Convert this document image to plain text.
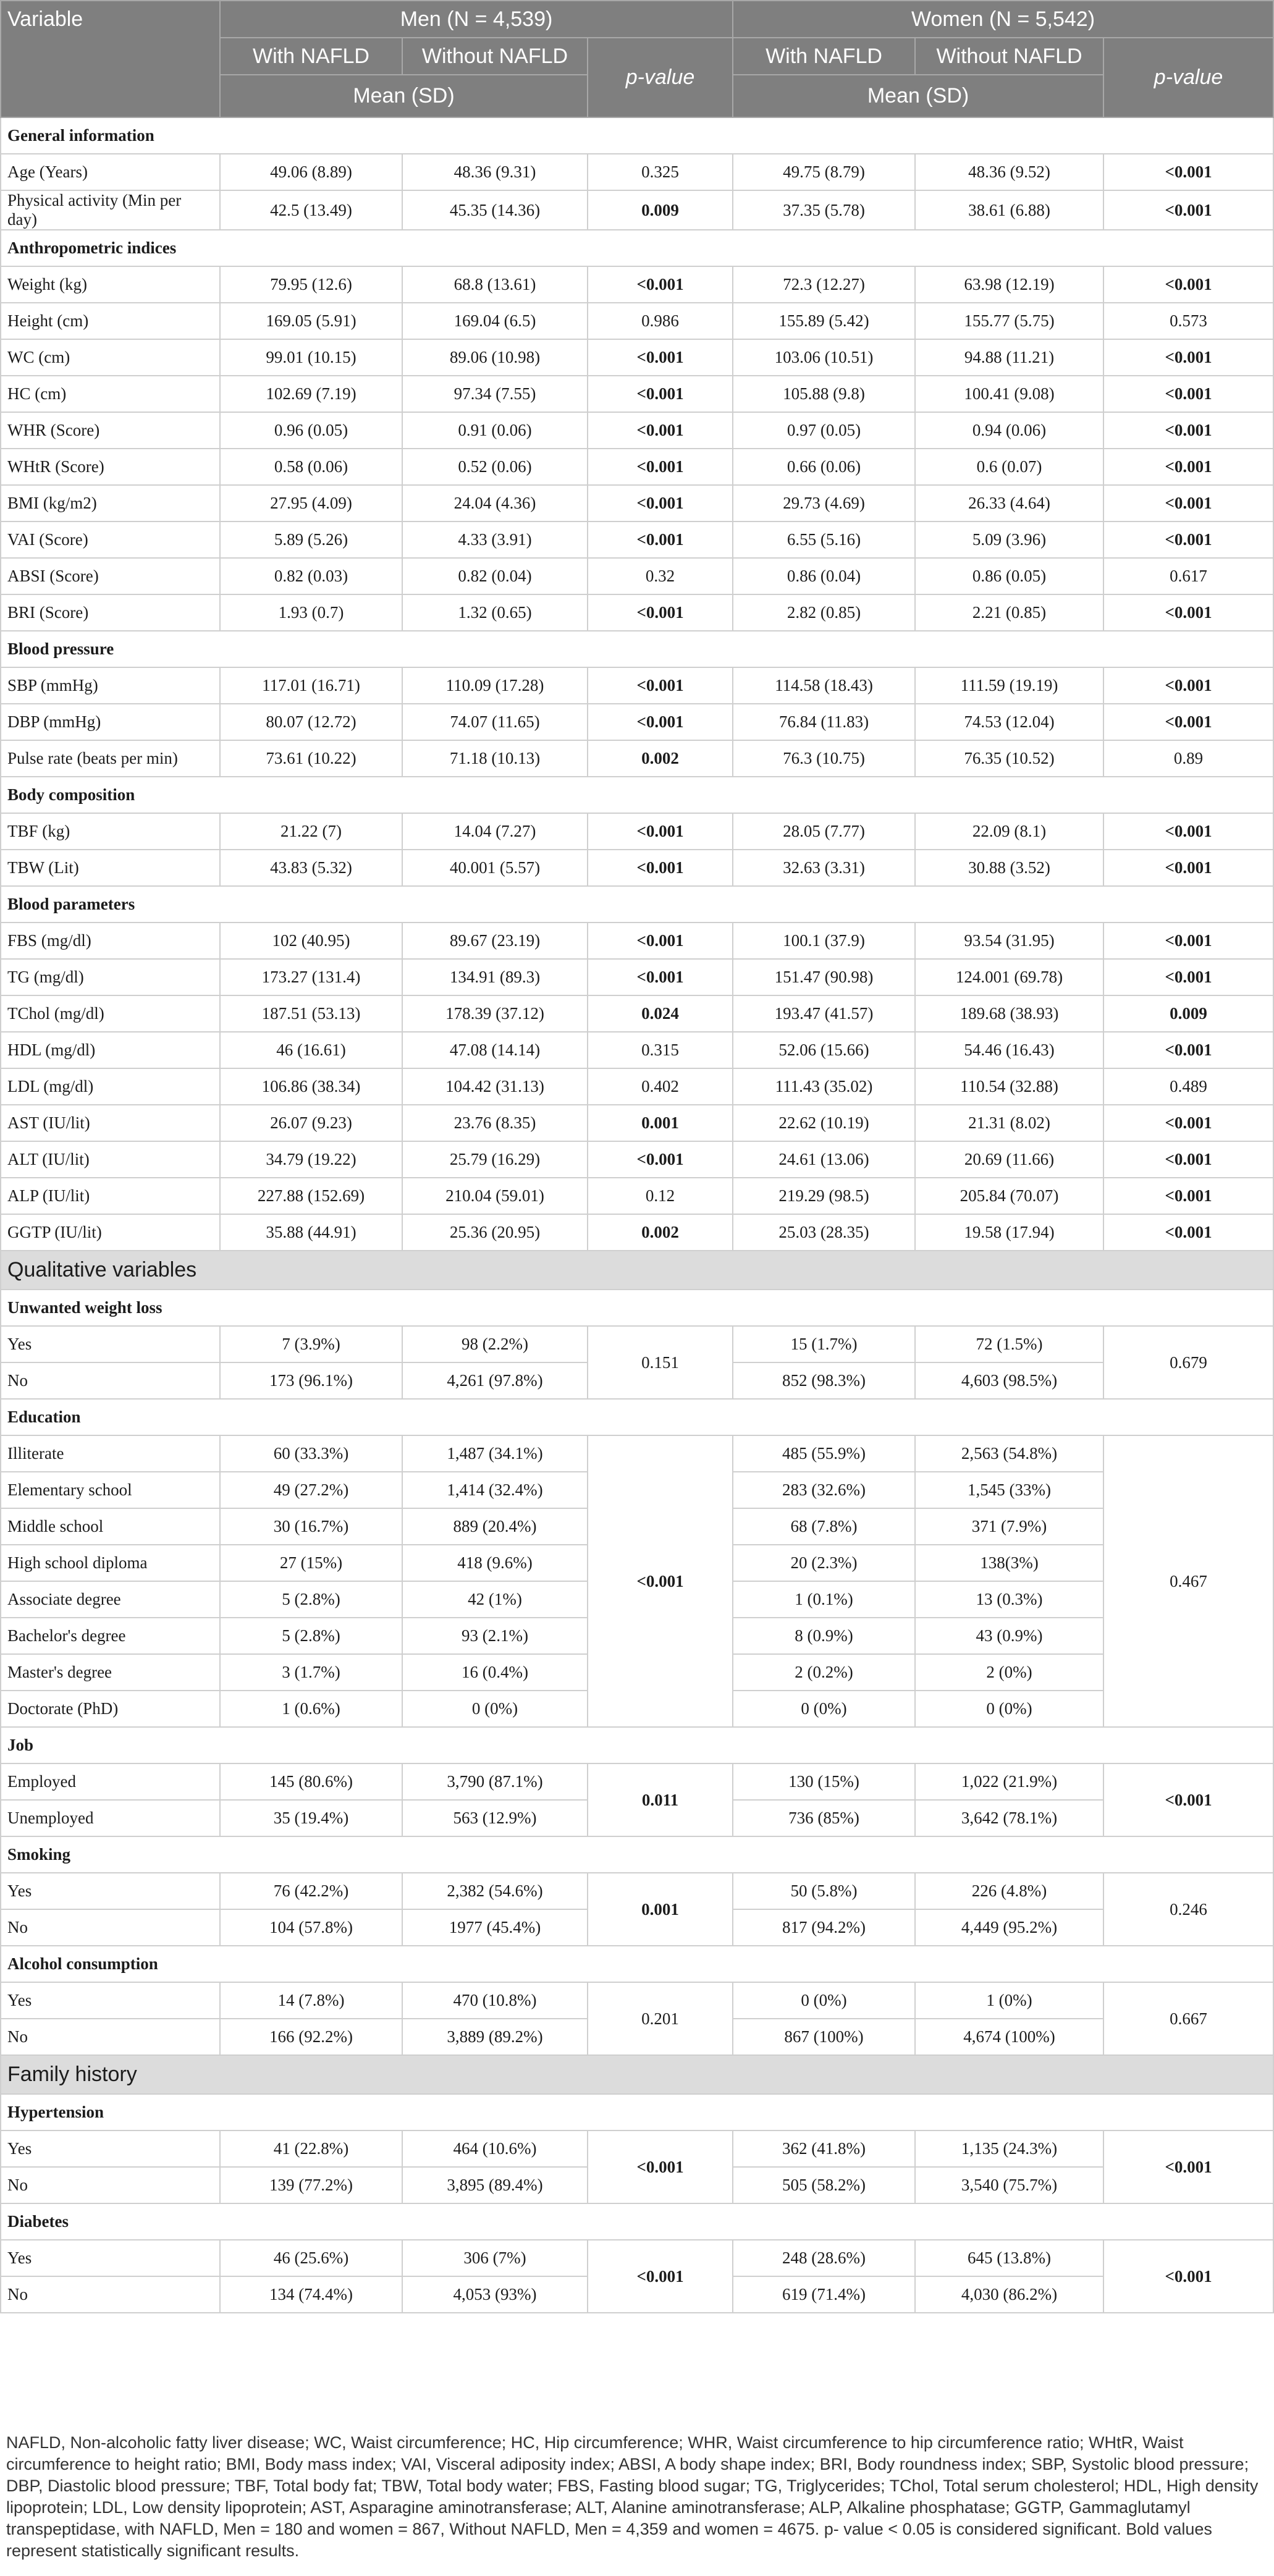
Variable	Men (N = 4,539)			Women (N = 5,542)		
	With NAFLD	Without NAFLD	p-value	With NAFLD	Without NAFLD	p-value
	Mean (SD)			Mean (SD)		
General information						
Age (Years)	49.06 (8.89)	48.36 (9.31)	0.325	49.75 (8.79)	48.36 (9.52)	<0.001
Physical activity (Min per day)	42.5 (13.49)	45.35 (14.36)	0.009	37.35 (5.78)	38.61 (6.88)	<0.001
Anthropometric indices						
Weight (kg)	79.95 (12.6)	68.8 (13.61)	<0.001	72.3 (12.27)	63.98 (12.19)	<0.001
Height (cm)	169.05 (5.91)	169.04 (6.5)	0.986	155.89 (5.42)	155.77 (5.75)	0.573
WC (cm)	99.01 (10.15)	89.06 (10.98)	<0.001	103.06 (10.51)	94.88 (11.21)	<0.001
HC (cm)	102.69 (7.19)	97.34 (7.55)	<0.001	105.88 (9.8)	100.41 (9.08)	<0.001
WHR (Score)	0.96 (0.05)	0.91 (0.06)	<0.001	0.97 (0.05)	0.94 (0.06)	<0.001
WHtR (Score)	0.58 (0.06)	0.52 (0.06)	<0.001	0.66 (0.06)	0.6 (0.07)	<0.001
BMI (kg/m2)	27.95 (4.09)	24.04 (4.36)	<0.001	29.73 (4.69)	26.33 (4.64)	<0.001
VAI (Score)	5.89 (5.26)	4.33 (3.91)	<0.001	6.55 (5.16)	5.09 (3.96)	<0.001
ABSI (Score)	0.82 (0.03)	0.82 (0.04)	0.32	0.86 (0.04)	0.86 (0.05)	0.617
BRI (Score)	1.93 (0.7)	1.32 (0.65)	<0.001	2.82 (0.85)	2.21 (0.85)	<0.001
Blood pressure						
SBP (mmHg)	117.01 (16.71)	110.09 (17.28)	<0.001	114.58 (18.43)	111.59 (19.19)	<0.001
DBP (mmHg)	80.07 (12.72)	74.07 (11.65)	<0.001	76.84 (11.83)	74.53 (12.04)	<0.001
Pulse rate (beats per min)	73.61 (10.22)	71.18 (10.13)	0.002	76.3 (10.75)	76.35 (10.52)	0.89
Body composition						
TBF (kg)	21.22 (7)	14.04 (7.27)	<0.001	28.05 (7.77)	22.09 (8.1)	<0.001
TBW (Lit)	43.83 (5.32)	40.001 (5.57)	<0.001	32.63 (3.31)	30.88 (3.52)	<0.001
Blood parameters						
FBS (mg/dl)	102 (40.95)	89.67 (23.19)	<0.001	100.1 (37.9)	93.54 (31.95)	<0.001
TG (mg/dl)	173.27 (131.4)	134.91 (89.3)	<0.001	151.47 (90.98)	124.001 (69.78)	<0.001
TChol (mg/dl)	187.51 (53.13)	178.39 (37.12)	0.024	193.47 (41.57)	189.68 (38.93)	0.009
HDL (mg/dl)	46 (16.61)	47.08 (14.14)	0.315	52.06 (15.66)	54.46 (16.43)	<0.001
LDL (mg/dl)	106.86 (38.34)	104.42 (31.13)	0.402	111.43 (35.02)	110.54 (32.88)	0.489
AST (IU/lit)	26.07 (9.23)	23.76 (8.35)	0.001	22.62 (10.19)	21.31 (8.02)	<0.001
ALT (IU/lit)	34.79 (19.22)	25.79 (16.29)	<0.001	24.61 (13.06)	20.69 (11.66)	<0.001
ALP (IU/lit)	227.88 (152.69)	210.04 (59.01)	0.12	219.29 (98.5)	205.84 (70.07)	<0.001
GGTP (IU/lit)	35.88 (44.91)	25.36 (20.95)	0.002	25.03 (28.35)	19.58 (17.94)	<0.001
Qualitative variables						
Unwanted weight loss						
Yes	7 (3.9%)	98 (2.2%)	0.151	15 (1.7%)	72 (1.5%)	0.679
No	173 (96.1%)	4,261 (97.8%)		852 (98.3%)	4,603 (98.5%)	
Education						
Illiterate	60 (33.3%)	1,487 (34.1%)	<0.001	485 (55.9%)	2,563 (54.8%)	0.467
Elementary school	49 (27.2%)	1,414 (32.4%)		283 (32.6%)	1,545 (33%)	
Middle school	30 (16.7%)	889 (20.4%)		68 (7.8%)	371 (7.9%)	
High school diploma	27 (15%)	418 (9.6%)		20 (2.3%)	138(3%)	
Associate degree	5 (2.8%)	42 (1%)		1 (0.1%)	13 (0.3%)	
Bachelor's degree	5 (2.8%)	93 (2.1%)		8 (0.9%)	43 (0.9%)	
Master's degree	3 (1.7%)	16 (0.4%)		2 (0.2%)	2 (0%)	
Doctorate (PhD)	1 (0.6%)	0 (0%)		0 (0%)	0 (0%)	
Job						
Employed	145 (80.6%)	3,790 (87.1%)	0.011	130 (15%)	1,022 (21.9%)	<0.001
Unemployed	35 (19.4%)	563 (12.9%)		736 (85%)	3,642 (78.1%)	
Smoking						
Yes	76 (42.2%)	2,382 (54.6%)	0.001	50 (5.8%)	226 (4.8%)	0.246
No	104 (57.8%)	1977 (45.4%)		817 (94.2%)	4,449 (95.2%)	
Alcohol consumption						
Yes	14 (7.8%)	470 (10.8%)	0.201	0 (0%)	1 (0%)	0.667
No	166 (92.2%)	3,889 (89.2%)		867 (100%)	4,674 (100%)	
Family history						
Hypertension						
Yes	41 (22.8%)	464 (10.6%)	<0.001	362 (41.8%)	1,135 (24.3%)	<0.001
No	139 (77.2%)	3,895 (89.4%)		505 (58.2%)	3,540 (75.7%)	
Diabetes						
Yes	46 (25.6%)	306 (7%)	<0.001	248 (28.6%)	645 (13.8%)	<0.001
No	134 (74.4%)	4,053 (93%)		619 (71.4%)	4,030 (86.2%)	
NAFLD, Non-alcoholic fatty liver disease; WC, Waist circumference; HC, Hip circumference; WHR, Waist circumference to hip circumference ratio; WHtR, Waist circumference to height ratio; BMI, Body mass index; VAI, Visceral adiposity index; ABSI, A body shape index; BRI, Body roundness index; SBP, Systolic blood pressure; DBP, Diastolic blood pressure; TBF, Total body fat; TBW, Total body water; FBS, Fasting blood sugar; TG, Triglycerides; TChol, Total serum cholesterol; HDL, High density lipoprotein; LDL, Low density lipoprotein; AST, Asparagine aminotransferase; ALT, Alanine aminotransferase; ALP, Alkaline phosphatase; GGTP, Gammaglutamyl transpeptidase, with NAFLD, Men = 180 and women = 867, Without NAFLD, Men = 4,359 and women = 4675. p- value < 0.05 is considered significant. Bold values represent statistically significant results.
